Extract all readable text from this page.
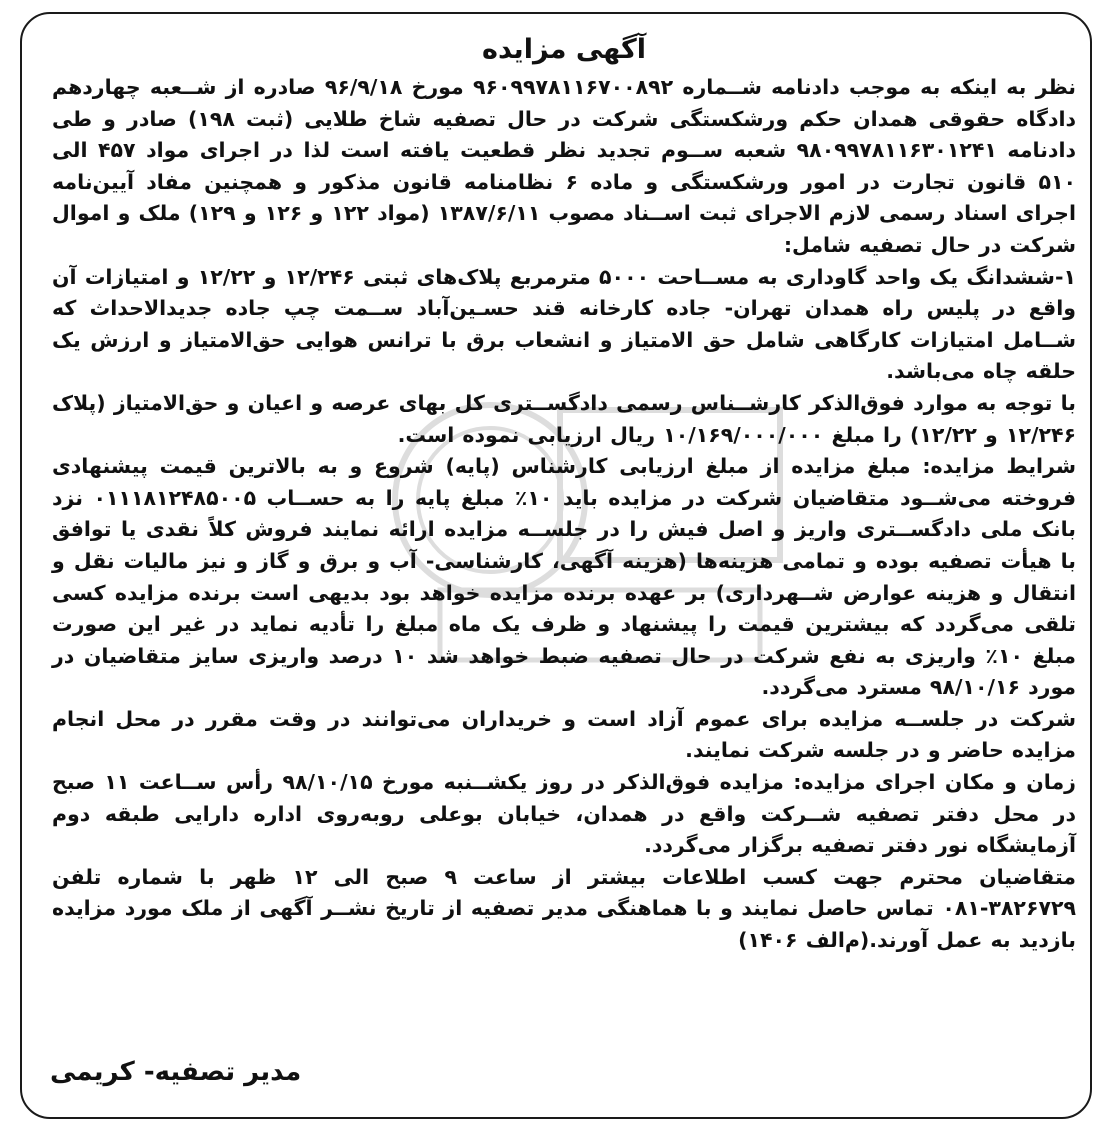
آگهی مزایده

نظر به اینکه به موجب دادنامه شــماره ۹۶۰۹۹۷۸۱۱۶۷۰۰۸۹۲ مورخ ۹۶/۹/۱۸ صادره از شــعبه چهاردهم دادگاه حقوقی همدان حکم ورشکستگی شرکت در حال تصفیه شاخ طلایی (ثبت ۱۹۸) صادر و طی دادنامه ۹۸۰۹۹۷۸۱۱۶۳۰۱۲۴۱ شعبه ســوم تجدید نظر قطعیت یافته است لذا در اجرای مواد ۴۵۷ الی ۵۱۰ قانون تجارت در امور ورشکستگی و ماده ۶ نظامنامه قانون مذکور و همچنین مفاد آیین‌نامه اجرای اسناد رسمی لازم الاجرای ثبت اســناد مصوب ۱۳۸۷/۶/۱۱ (مواد ۱۲۲ و ۱۲۶ و ۱۲۹) ملک و اموال شرکت در حال تصفیه شامل:

۱-ششدانگ یک واحد گاوداری به مســاحت ۵۰۰۰ مترمربع پلاک‌های ثبتی ۱۲/۲۴۶ و ۱۲/۲۲ و امتیازات آن واقع در پلیس راه همدان تهران- جاده کارخانه قند حسـین‌آباد ســمت چپ جاده جدیدالاحداث که شــامل امتیازات کارگاهی شامل حق الامتیاز و انشعاب برق با ترانس هوایی حق‌الامتیاز و ارزش یک حلقه چاه می‌باشد.

با توجه به موارد فوق‌الذکر کارشــناس رسمی دادگســتری کل بهای عرصه و اعیان و حق‌الامتیاز (پلاک ۱۲/۲۴۶ و ۱۲/۲۲) را مبلغ ۱۰/۱۶۹/۰۰۰/۰۰۰ ریال ارزیابی نموده است.

شرایط مزایده: مبلغ مزایده از مبلغ ارزیابی کارشناس (پایه) شروع و به بالاترین قیمت پیشنهادی فروخته می‌شــود متقاضیان شرکت در مزایده باید ۱۰٪ مبلغ پایه را به حســاب ۰۱۱۱۸۱۲۴۸۵۰۰۵ نزد بانک ملی دادگســتری واریز و اصل فیش را در جلســه مزایده ارائه نمایند فروش کلاً نقدی یا توافق با هیأت تصفیه بوده و تمامی هزینه‌ها (هزینه آگهی، کارشناسی- آب و برق و گاز و نیز مالیات نقل و انتقال و هزینه عوارض شــهرداری) بر عهده برنده مزایده خواهد بود بدیهی است برنده مزایده کسی تلقی می‌گردد که بیشترین قیمت را پیشنهاد و ظرف یک ماه مبلغ را تأدیه نماید در غیر این صورت مبلغ ۱۰٪ واریزی به نفع شرکت در حال تصفیه ضبط خواهد شد ۱۰ درصد واریزی سایز متقاضیان در مورد ۹۸/۱۰/۱۶ مسترد می‌گردد.

شرکت در جلســه مزایده برای عموم آزاد است و خریداران می‌توانند در وقت مقرر در محل انجام مزایده حاضر و در جلسه شرکت نمایند.

زمان و مکان اجرای مزایده: مزایده فوق‌الذکر در روز یکشــنبه مورخ ۹۸/۱۰/۱۵ رأس ســاعت ۱۱ صبح در محل دفتر تصفیه شــرکت واقع در همدان، خیابان بوعلی روبه‌روی اداره دارایی طبقه دوم آزمایشگاه نور دفتر تصفیه برگزار می‌گردد.

متقاضیان محترم جهت کسب اطلاعات بیشتر از ساعت ۹ صبح الی ۱۲ ظهر با شماره تلفن ۳۸۲۶۷۲۹-۰۸۱ تماس حاصل نمایند و با هماهنگی مدیر تصفیه از تاریخ نشــر آگهی از ملک مورد مزایده بازدید به عمل آورند.(م‌الف ۱۴۰۶)

مدیر تصفیه- کریمی
